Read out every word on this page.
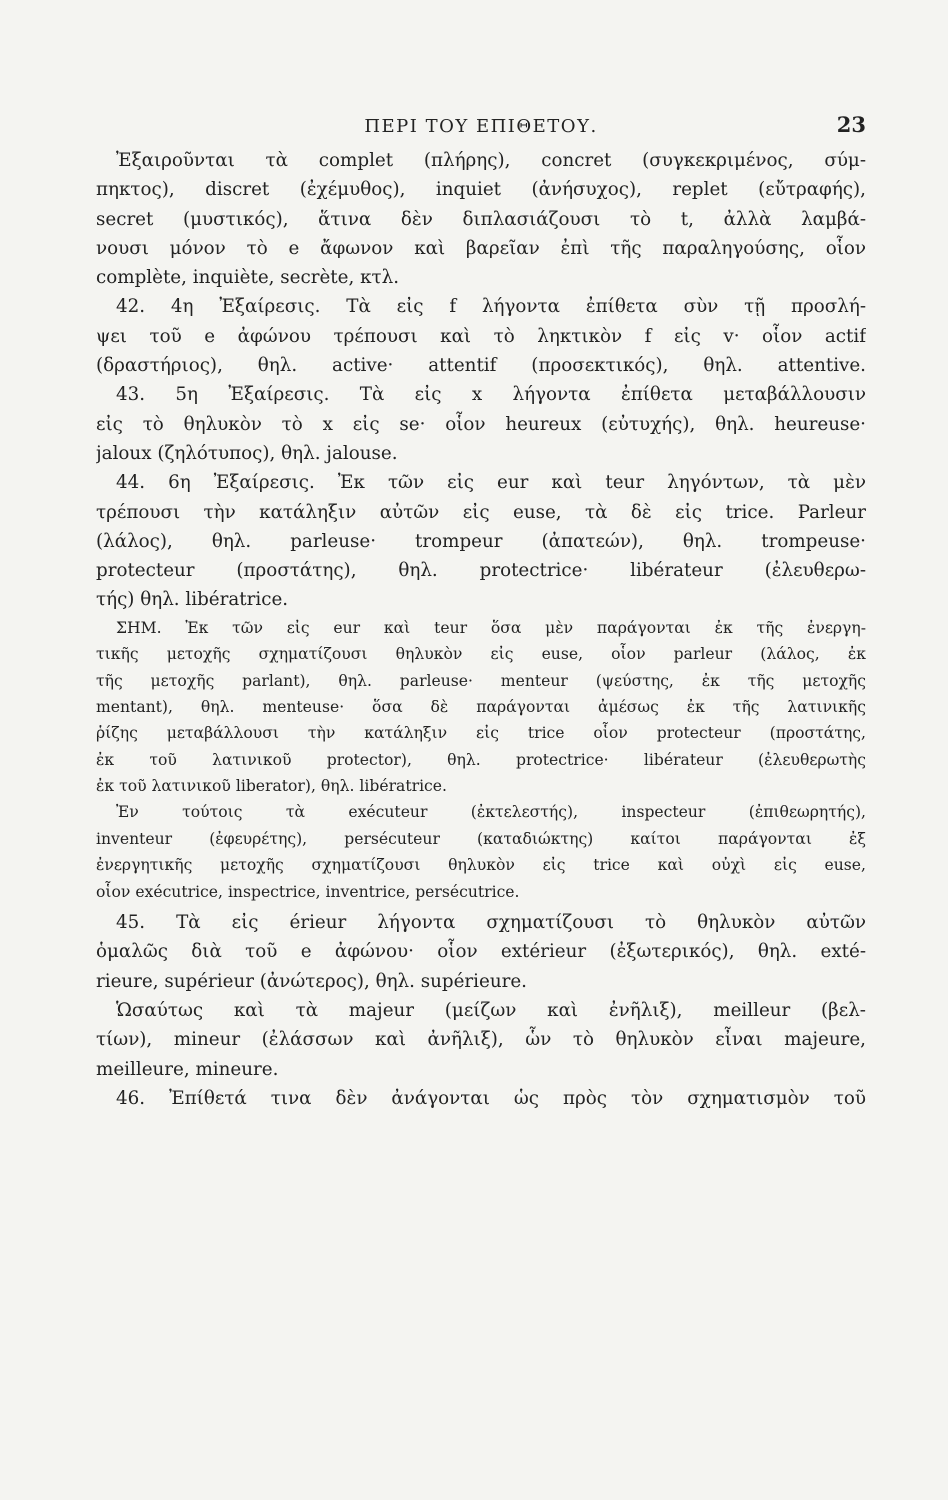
ΠΕΡΙ ΤΟΥ ΕΠΙΘΕΤΟΥ.	23
Ἐξαιροῦνται τὰ complet (πλήρης), concret (συγκεκριμένος, σύμ-
πηκτος), discret (ἐχέμυθος), inquiet (ἀνήσυχος), replet (εὔτραφής),
secret (μυστικός), ἅτινα δὲν διπλασιάζουσι τὸ t, ἀλλὰ λαμβά-
νουσι μόνον τὸ e ἄφωνον καὶ βαρεῖαν ἐπὶ τῆς παραληγούσης, οἷον
complète, inquiète, secrète, κτλ.
42. 4η Ἐξαίρεσις. Τὰ εἰς f λήγοντα ἐπίθετα σὺν τῇ προσλή-
ψει τοῦ e ἀφώνου τρέπουσι καὶ τὸ ληκτικὸν f εἰς v· οἷον actif
(δραστήριος), θηλ. active· attentif (προσεκτικός), θηλ. attentive.
43. 5η Ἐξαίρεσις. Τὰ εἰς x λήγοντα ἐπίθετα μεταβάλλουσιν
εἰς τὸ θηλυκὸν τὸ x εἰς se· οἷον heureux (εὐτυχής), θηλ. heureuse·
jaloux (ζηλότυπος), θηλ. jalouse.
44. 6η Ἐξαίρεσις. Ἐκ τῶν εἰς eur καὶ teur ληγόντων, τὰ μὲν
τρέπουσι τὴν κατάληξιν αὐτῶν εἰς euse, τὰ δὲ εἰς trice. Parleur
(λάλος), θηλ. parleuse· trompeur (ἀπατεών), θηλ. trompeuse·
protecteur (προστάτης), θηλ. protectrice· libérateur (ἐλευθερω-
τής) θηλ. libératrice.
ΣΗΜ. Ἐκ τῶν εἰς eur καὶ teur ὅσα μὲν παράγονται ἐκ τῆς ἐνεργη-
τικῆς μετοχῆς σχηματίζουσι θηλυκὸν εἰς euse, οἷον parleur (λάλος, ἐκ
τῆς μετοχῆς parlant), θηλ. parleuse· menteur (ψεύστης, ἐκ τῆς μετοχῆς
mentant), θηλ. menteuse· ὅσα δὲ παράγονται ἀμέσως ἐκ τῆς λατινικῆς
ῥίζης μεταβάλλουσι τὴν κατάληξιν εἰς trice οἷον protecteur (προστάτης,
ἐκ τοῦ λατινικοῦ protector), θηλ. protectrice· libérateur (ἐλευθερωτὴς
ἐκ τοῦ λατινικοῦ liberator), θηλ. libératrice.
Ἐν τούτοις τὰ exécuteur (ἐκτελεστής), inspecteur (ἐπιθεωρητής),
inventeur (ἐφευρέτης), persécuteur (καταδιώκτης) καίτοι παράγονται ἐξ
ἐνεργητικῆς μετοχῆς σχηματίζουσι θηλυκὸν εἰς trice καὶ οὐχὶ εἰς euse,
οἷον exécutrice, inspectrice, inventrice, persécutrice.
45. Τὰ εἰς érieur λήγοντα σχηματίζουσι τὸ θηλυκὸν αὐτῶν
ὁμαλῶς διὰ τοῦ e ἀφώνου· οἷον extérieur (ἐξωτερικός), θηλ. exté-
rieure, supérieur (ἀνώτερος), θηλ. supérieure.
Ὡσαύτως καὶ τὰ majeur (μείζων καὶ ἐνῆλιξ), meilleur (βελ-
τίων), mineur (ἐλάσσων καὶ ἀνῆλιξ), ὧν τὸ θηλυκὸν εἶναι majeure,
meilleure, mineure.
46. Ἐπίθετά τινα δὲν ἀνάγονται ὡς πρὸς τὸν σχηματισμὸν τοῦ
